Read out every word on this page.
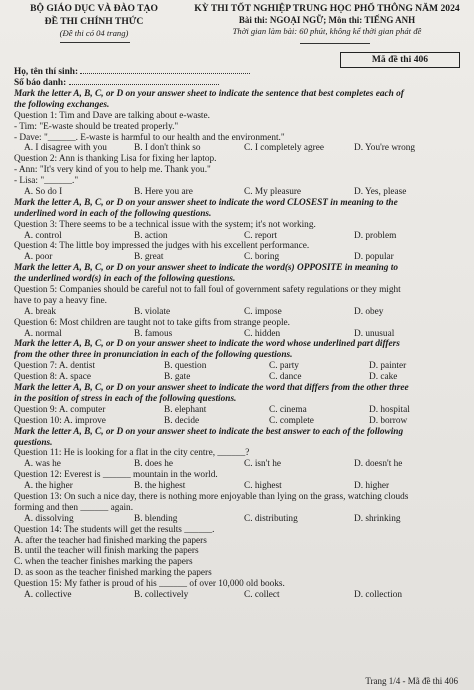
BỘ GIÁO DỤC VÀ ĐÀO TẠO
ĐỀ THI CHÍNH THỨC
(Đề thi có 04 trang)
KỲ THI TỐT NGHIỆP TRUNG HỌC PHỔ THÔNG NĂM 2024
Bài thi: NGOẠI NGỮ; Môn thi: TIẾNG ANH
Thời gian làm bài: 60 phút, không kể thời gian phát đề
Mã đề thi 406
Họ, tên thí sinh:
Số báo danh:
Mark the letter A, B, C, or D on your answer sheet to indicate the sentence that best completes each of
the following exchanges.
Question 1: Tim and Dave are talking about e-waste.
- Tim: "E-waste should be treated properly."
- Dave: "______. E-waste is harmful to our health and the environment."
A. I disagree with you	B. I don't think so	C. I completely agree	D. You're wrong
Question 2: Ann is thanking Lisa for fixing her laptop.
- Ann: "It's very kind of you to help me. Thank you."
- Lisa: "______."
A. So do I	B. Here you are	C. My pleasure	D. Yes, please
Mark the letter A, B, C, or D on your answer sheet to indicate the word CLOSEST in meaning to the
underlined word in each of the following questions.
Question 3: There seems to be a technical issue with the system; it's not working.
A. control	B. action	C. report	D. problem
Question 4: The little boy impressed the judges with his excellent performance.
A. poor	B. great	C. boring	D. popular
Mark the letter A, B, C, or D on your answer sheet to indicate the word(s) OPPOSITE in meaning to
the underlined word(s) in each of the following questions.
Question 5: Companies should be careful not to fall foul of government safety regulations or they might
have to pay a heavy fine.
A. break	B. violate	C. impose	D. obey
Question 6: Most children are taught not to take gifts from strange people.
A. normal	B. famous	C. hidden	D. unusual
Mark the letter A, B, C, or D on your answer sheet to indicate the word whose underlined part differs
from the other three in pronunciation in each of the following questions.
Question 7: A. dentist	B. question	C. party	D. painter
Question 8: A. space	B. gate	C. dance	D. cake
Mark the letter A, B, C, or D on your answer sheet to indicate the word that differs from the other three
in the position of stress in each of the following questions.
Question 9: A. computer	B. elephant	C. cinema	D. hospital
Question 10: A. improve	B. decide	C. complete	D. borrow
Mark the letter A, B, C, or D on your answer sheet to indicate the best answer to each of the following
questions.
Question 11: He is looking for a flat in the city centre, ______?
A. was he	B. does he	C. isn't he	D. doesn't he
Question 12: Everest is ______ mountain in the world.
A. the higher	B. the highest	C. highest	D. higher
Question 13: On such a nice day, there is nothing more enjoyable than lying on the grass, watching clouds
forming and then ______ again.
A. dissolving	B. blending	C. distributing	D. shrinking
Question 14: The students will get the results ______.
A. after the teacher had finished marking the papers
B. until the teacher will finish marking the papers
C. when the teacher finishes marking the papers
D. as soon as the teacher finished marking the papers
Question 15: My father is proud of his ______ of over 10,000 old books.
A. collective	B. collectively	C. collect	D. collection
Trang 1/4 - Mã đề thi 406
